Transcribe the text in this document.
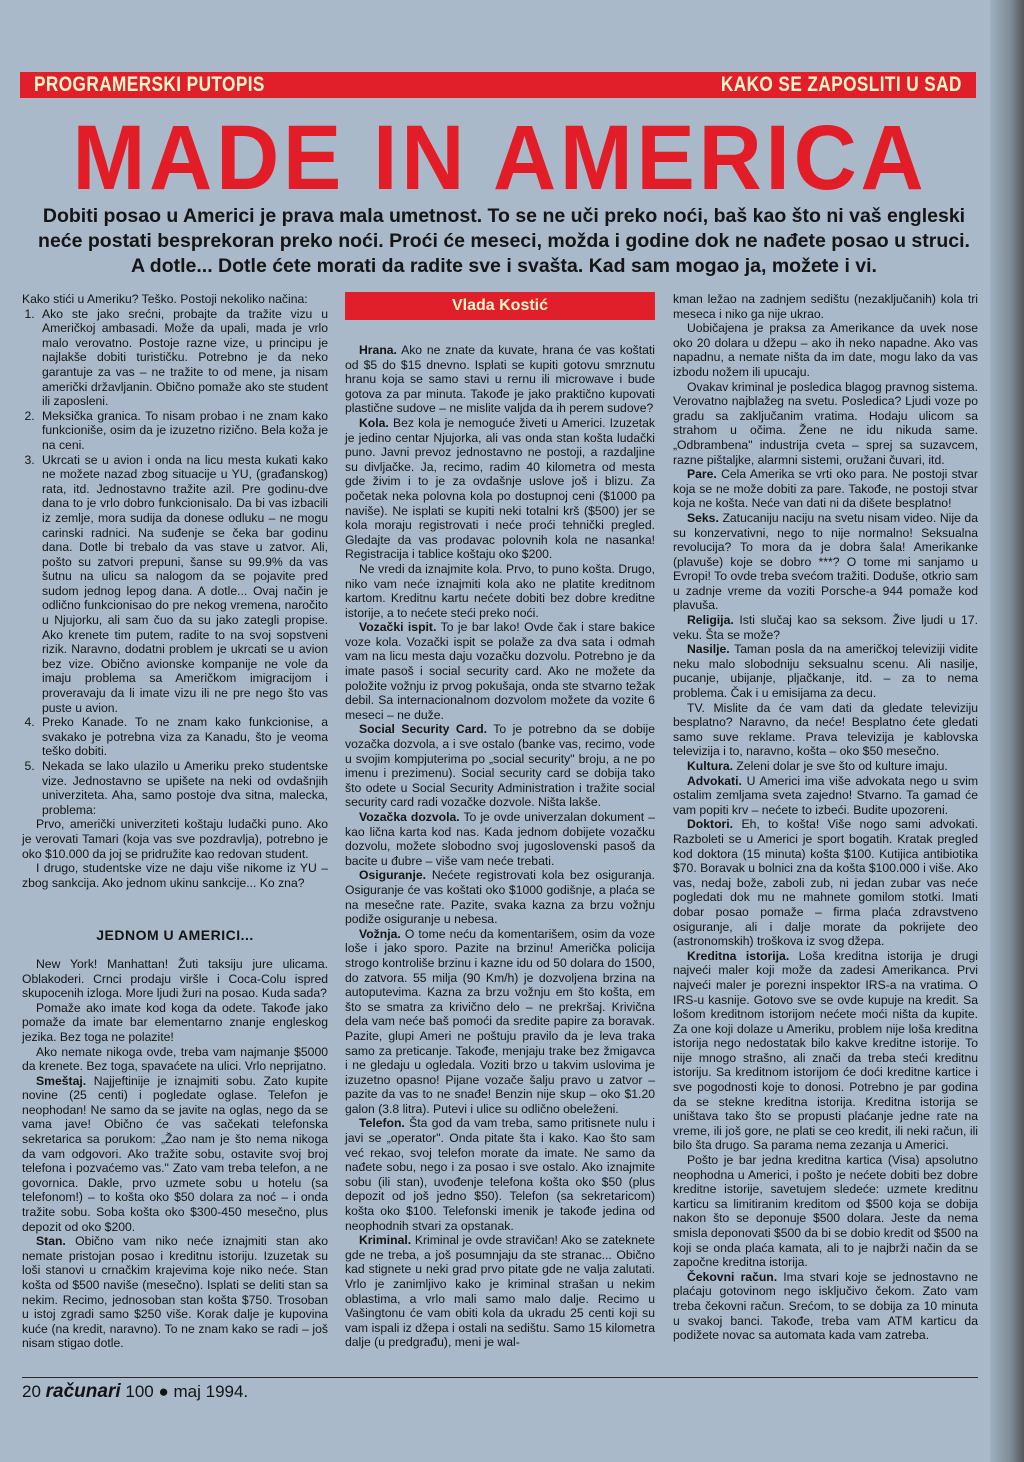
PROGRAMERSKI PUTOPIS	KAKO SE ZAPOSLITI U SAD
MADE IN AMERICA
Dobiti posao u Americi je prava mala umetnost. To se ne uči preko noći, baš kao što ni vaš engleski neće postati besprekoran preko noći. Proći će meseci, možda i godine dok ne nađete posao u struci. A dotle... Dotle ćete morati da radite sve i svašta. Kad sam mogao ja, možete i vi.

Kako stići u Ameriku? Teško. Postoji nekoliko načina:

1. Ako ste jako srećni, probajte da tražite vizu u Američkoj ambasadi. Može da upali, mada je vrlo malo verovatno. Postoje razne vize, u principu je najlakše dobiti turističku. Potrebno je da neko garantuje za vas – ne tražite to od mene, ja nisam američki državljanin. Obično pomaže ako ste student ili zaposleni.
2. Meksička granica. To nisam probao i ne znam kako funkcioniše, osim da je izuzetno rizično. Bela koža je na ceni.
3. Ukrcati se u avion i onda na licu mesta kukati kako ne možete nazad zbog situacije u YU, (građanskog) rata, itd. Jednostavno tražite azil. Pre godinu-dve dana to je vrlo dobro funkcionisalo. Da bi vas izbacili iz zemlje, mora sudija da donese odluku – ne mogu carinski radnici. Na suđenje se čeka bar godinu dana. Dotle bi trebalo da vas stave u zatvor. Ali, pošto su zatvori prepuni, šanse su 99.9% da vas šutnu na ulicu sa nalogom da se pojavite pred sudom jednog lepog dana. A dotle... Ovaj način je odlično funkcionisao do pre nekog vremena, naročito u Njujorku, ali sam čuo da su jako zategli propise. Ako krenete tim putem, radite to na svoj sopstveni rizik. Naravno, dodatni problem je ukrcati se u avion bez vize. Obično avionske kompanije ne vole da imaju problema sa Američkom imigracijom i proveravaju da li imate vizu ili ne pre nego što vas puste u avion.
4. Preko Kanade. To ne znam kako funkcionise, a svakako je potrebna viza za Kanadu, što je veoma teško dobiti.
5. Nekada se lako ulazilo u Ameriku preko studentske vize. Jednostavno se upišete na neki od ovdašnjih univerziteta. Aha, samo postoje dva sitna, malecka, problema:

Prvo, američki univerziteti koštaju ludački puno. Ako je verovati Tamari (koja vas sve pozdravlja), potrebno je oko $10.000 da joj se pridružite kao redovan student.

I drugo, studentske vize ne daju više nikome iz YU – zbog sankcija. Ako jednom ukinu sankcije... Ko zna?

JEDNOM U AMERICI...

New York! Manhattan! Žuti taksiju jure ulicama. Oblakoderi. Crnci prodaju viršle i Coca-Colu ispred skupocenih izloga. More ljudi žuri na posao. Kuda sada?

Pomaže ako imate kod koga da odete. Takođe jako pomaže da imate bar elementarno znanje engleskog jezika. Bez toga ne polazite!

Ako nemate nikoga ovde, treba vam najmanje $5000 da krenete. Bez toga, spavaćete na ulici. Vrlo neprijatno.

Smeštaj. Najjeftinije je iznajmiti sobu. Zato kupite novine (25 centi) i pogledate oglase. Telefon je neophodan! Ne samo da se javite na oglas, nego da se vama jave! Obično će vas sačekati telefonska sekretarica sa porukom: „Žao nam je što nema nikoga da vam odgovori. Ako tražite sobu, ostavite svoj broj telefona i pozvaćemo vas." Zato vam treba telefon, a ne govornica. Dakle, prvo uzmete sobu u hotelu (sa telefonom!) – to košta oko $50 dolara za noć – i onda tražite sobu. Soba košta oko $300-450 mesečno, plus depozit od oko $200.

Stan. Obično vam niko neće iznajmiti stan ako nemate pristojan posao i kreditnu istoriju. Izuzetak su loši stanovi u crnačkim krajevima koje niko neće. Stan košta od $500 naviše (mesečno). Isplati se deliti stan sa nekim. Recimo, jednosoban stan košta $750. Trosoban u istoj zgradi samo $250 više. Korak dalje je kupovina kuće (na kredit, naravno). To ne znam kako se radi – još nisam stigao dotle.

Vlada Kostić

Hrana. Ako ne znate da kuvate, hrana će vas koštati od $5 do $15 dnevno. Isplati se kupiti gotovu smrznutu hranu koja se samo stavi u rernu ili microwave i bude gotova za par minuta. Takođe je jako praktično kupovati plastične sudove – ne mislite valjda da ih perem sudove?

Kola. Bez kola je nemoguće živeti u Americi. Izuzetak je jedino centar Njujorka, ali vas onda stan košta ludački puno. Javni prevoz jednostavno ne postoji, a razdaljine su divljačke. Ja, recimo, radim 40 kilometra od mesta gde živim i to je za ovdašnje uslove još i blizu. Za početak neka polovna kola po dostupnoj ceni ($1000 pa naviše). Ne isplati se kupiti neki totalni krš ($500) jer se kola moraju registrovati i neće proći tehnički pregled. Gledajte da vas prodavac polovnih kola ne nasanka! Registracija i tablice koštaju oko $200.

Ne vredi da iznajmite kola. Prvo, to puno košta. Drugo, niko vam neće iznajmiti kola ako ne platite kreditnom kartom. Kreditnu kartu nećete dobiti bez dobre kreditne istorije, a to nećete steći preko noći.

Vozački ispit. To je bar lako! Ovde čak i stare bakice voze kola. Vozački ispit se polaže za dva sata i odmah vam na licu mesta daju vozačku dozvolu. Potrebno je da imate pasoš i social security card. Ako ne možete da položite vožnju iz prvog pokušaja, onda ste stvarno težak debil. Sa internacionalnom dozvolom možete da vozite 6 meseci – ne duže.

Social Security Card. To je potrebno da se dobije vozačka dozvola, a i sve ostalo (banke vas, recimo, vode u svojim kompjuterima po „social security" broju, a ne po imenu i prezimenu). Social security card se dobija tako što odete u Social Security Administration i tražite social security card radi vozačke dozvole. Ništa lakše.

Vozačka dozvola. To je ovde univerzalan dokument – kao lična karta kod nas. Kada jednom dobijete vozačku dozvolu, možete slobodno svoj jugoslovenski pasoš da bacite u đubre – više vam neće trebati.

Osiguranje. Nećete registrovati kola bez osiguranja. Osiguranje će vas koštati oko $1000 godišnje, a plaća se na mesečne rate. Pazite, svaka kazna za brzu vožnju podiže osiguranje u nebesa.

Vožnja. O tome neću da komentarišem, osim da voze loše i jako sporo. Pazite na brzinu! Američka policija strogo kontroliše brzinu i kazne idu od 50 dolara do 1500, do zatvora. 55 milja (90 Km/h) je dozvoljena brzina na autoputevima. Kazna za brzu vožnju em što košta, em što se smatra za krivično delo – ne prekršaj. Krivična dela vam neće baš pomoći da sredite papire za boravak. Pazite, glupi Ameri ne poštuju pravilo da je leva traka samo za preticanje. Takođe, menjaju trake bez žmigavca i ne gledaju u ogledala. Voziti brzo u takvim uslovima je izuzetno opasno! Pijane vozače šalju pravo u zatvor – pazite da vas to ne snađe! Benzin nije skup – oko $1.20 galon (3.8 litra). Putevi i ulice su odlično obeleženi.

Telefon. Šta god da vam treba, samo pritisnete nulu i javi se „operator". Onda pitate šta i kako. Kao što sam već rekao, svoj telefon morate da imate. Ne samo da nađete sobu, nego i za posao i sve ostalo. Ako iznajmite sobu (ili stan), uvođenje telefona košta oko $50 (plus depozit od još jedno $50). Telefon (sa sekretaricom) košta oko $100. Telefonski imenik je takođe jedina od neophodnih stvari za opstanak.

Kriminal. Kriminal je ovde stravičan! Ako se zateknete gde ne treba, a još posumnjaju da ste stranac... Obično kad stignete u neki grad prvo pitate gde ne valja zalutati. Vrlo je zanimljivo kako je kriminal strašan u nekim oblastima, a vrlo mali samo malo dalje. Recimo u Vašingtonu će vam obiti kola da ukradu 25 centi koji su vam ispali iz džepa i ostali na sedištu. Samo 15 kilometra dalje (u predgrađu), meni je wal-

kman ležao na zadnjem sedištu (nezaključanih) kola tri meseca i niko ga nije ukrao.

Uobičajena je praksa za Amerikance da uvek nose oko 20 dolara u džepu – ako ih neko napadne. Ako vas napadnu, a nemate ništa da im date, mogu lako da vas izbodu nožem ili upucaju.

Ovakav kriminal je posledica blagog pravnog sistema. Verovatno najblažeg na svetu. Posledica? Ljudi voze po gradu sa zaključanim vratima. Hodaju ulicom sa strahom u očima. Žene ne idu nikuda same. „Odbrambena" industrija cveta – sprej sa suzavcem, razne pištaljke, alarmni sistemi, oružani čuvari, itd.

Pare. Cela Amerika se vrti oko para. Ne postoji stvar koja se ne može dobiti za pare. Takođe, ne postoji stvar koja ne košta. Neće van dati ni da dišete besplatno!

Seks. Zatucaniju naciju na svetu nisam video. Nije da su konzervativni, nego to nije normalno! Seksualna revolucija? To mora da je dobra šala! Amerikanke (plavuše) koje se dobro ***? O tome mi sanjamo u Evropi! To ovde treba svećom tražiti. Doduše, otkrio sam u zadnje vreme da voziti Porsche-a 944 pomaže kod plavuša.

Religija. Isti slučaj kao sa seksom. Žive ljudi u 17. veku. Šta se može?

Nasilje. Taman posla da na američkoj televiziji vidite neku malo slobodniju seksualnu scenu. Ali nasilje, pucanje, ubijanje, pljačkanje, itd. – za to nema problema. Čak i u emisijama za decu.

TV. Mislite da će vam dati da gledate televiziju besplatno? Naravno, da neće! Besplatno ćete gledati samo suve reklame. Prava televizija je kablovska televizija i to, naravno, košta – oko $50 mesečno.

Kultura. Zeleni dolar je sve što od kulture imaju.

Advokati. U Americi ima više advokata nego u svim ostalim zemljama sveta zajedno! Stvarno. Ta gamad će vam popiti krv – nećete to izbeći. Budite upozoreni.

Doktori. Eh, to košta! Više nogo sami advokati. Razboleti se u Americi je sport bogatih. Kratak pregled kod doktora (15 minuta) košta $100. Kutijica antibiotika $70. Boravak u bolnici zna da košta $100.000 i više. Ako vas, nedaj bože, zaboli zub, ni jedan zubar vas neće pogledati dok mu ne mahnete gomilom stotki. Imati dobar posao pomaže – firma plaća zdravstveno osiguranje, ali i dalje morate da pokrijete deo (astronomskih) troškova iz svog džepa.

Kreditna istorija. Loša kreditna istorija je drugi najveći maler koji može da zadesi Amerikanca. Prvi najveći maler je porezni inspektor IRS-a na vratima. O IRS-u kasnije. Gotovo sve se ovde kupuje na kredit. Sa lošom kreditnom istorijom nećete moći ništa da kupite. Za one koji dolaze u Ameriku, problem nije loša kreditna istorija nego nedostatak bilo kakve kreditne istorije. To nije mnogo strašno, ali znači da treba steći kreditnu istoriju. Sa kreditnom istorijom će doći kreditne kartice i sve pogodnosti koje to donosi. Potrebno je par godina da se stekne kreditna istorija. Kreditna istorija se uništava tako što se propusti plaćanje jedne rate na vreme, ili još gore, ne plati se ceo kredit, ili neki račun, ili bilo šta drugo. Sa parama nema zezanja u Americi.

Pošto je bar jedna kreditna kartica (Visa) apsolutno neophodna u Americi, i pošto je nećete dobiti bez dobre kreditne istorije, savetujem sledeće: uzmete kreditnu karticu sa limitiranim kreditom od $500 koja se dobija nakon što se deponuje $500 dolara. Jeste da nema smisla deponovati $500 da bi se dobio kredit od $500 na koji se onda plaća kamata, ali to je najbrži način da se započne kreditna istorija.

Čekovni račun. Ima stvari koje se jednostavno ne plaćaju gotovinom nego isključivo čekom. Zato vam treba čekovni račun. Srećom, to se dobija za 10 minuta u svakoj banci. Takođe, treba vam ATM karticu da podižete novac sa automata kada vam zatreba.

20 računari 100 ● maj 1994.
